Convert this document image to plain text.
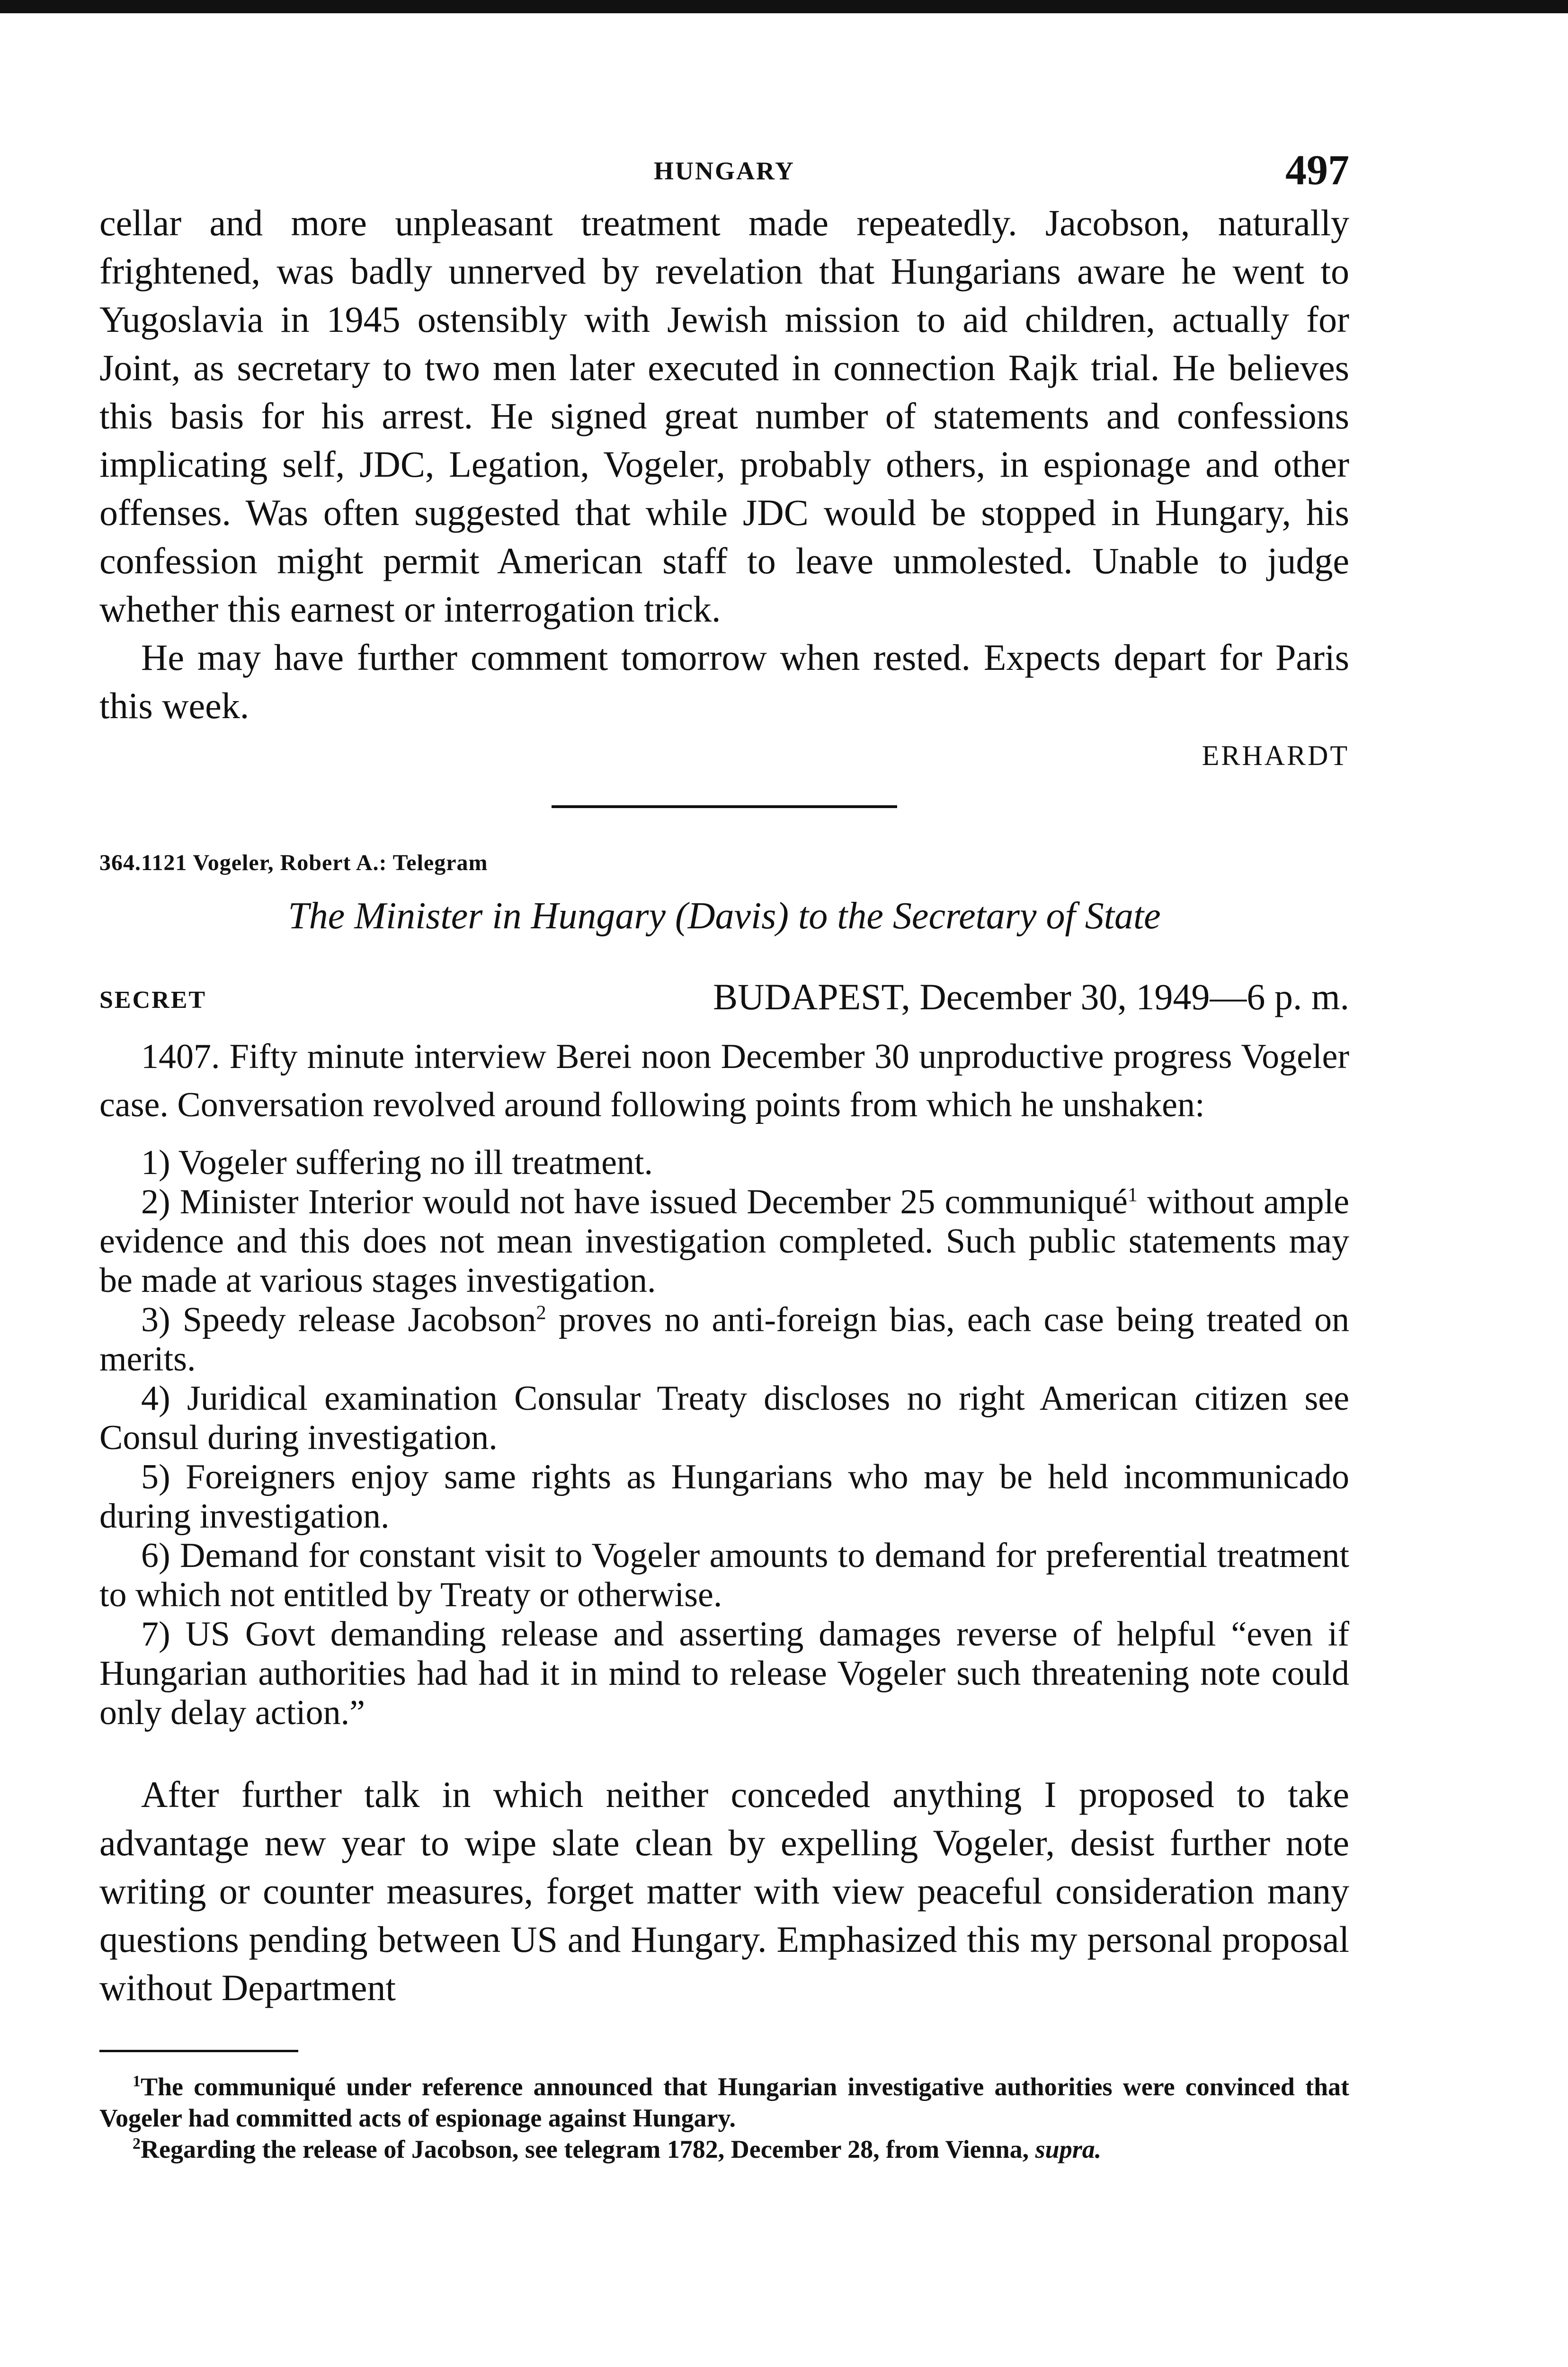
HUNGARY	497

cellar and more unpleasant treatment made repeatedly. Jacobson, naturally frightened, was badly unnerved by revelation that Hungarians aware he went to Yugoslavia in 1945 ostensibly with Jewish mission to aid children, actually for Joint, as secretary to two men later executed in connection Rajk trial. He believes this basis for his arrest. He signed great number of statements and confessions implicating self, JDC, Legation, Vogeler, probably others, in espionage and other offenses. Was often suggested that while JDC would be stopped in Hungary, his confession might permit American staff to leave unmolested. Unable to judge whether this earnest or interrogation trick.

He may have further comment tomorrow when rested. Expects depart for Paris this week.

ERHARDT
364.1121 Vogeler, Robert A.: Telegram
The Minister in Hungary (Davis) to the Secretary of State
SECRET	BUDAPEST, December 30, 1949—6 p. m.

1407. Fifty minute interview Berei noon December 30 unproductive progress Vogeler case. Conversation revolved around following points from which he unshaken:

1) Vogeler suffering no ill treatment.

2) Minister Interior would not have issued December 25 communiqué$^1$ without ample evidence and this does not mean investigation completed. Such public statements may be made at various stages investigation.

3) Speedy release Jacobson$^2$ proves no anti-foreign bias, each case being treated on merits.

4) Juridical examination Consular Treaty discloses no right American citizen see Consul during investigation.

5) Foreigners enjoy same rights as Hungarians who may be held incommunicado during investigation.

6) Demand for constant visit to Vogeler amounts to demand for preferential treatment to which not entitled by Treaty or otherwise.

7) US Govt demanding release and asserting damages reverse of helpful “even if Hungarian authorities had had it in mind to release Vogeler such threatening note could only delay action.”

After further talk in which neither conceded anything I proposed to take advantage new year to wipe slate clean by expelling Vogeler, desist further note writing or counter measures, forget matter with view peaceful consideration many questions pending between US and Hungary. Emphasized this my personal proposal without Department

$^1$The communiqué under reference announced that Hungarian investigative authorities were convinced that Vogeler had committed acts of espionage against Hungary.

$^2$Regarding the release of Jacobson, see telegram 1782, December 28, from Vienna, supra.
